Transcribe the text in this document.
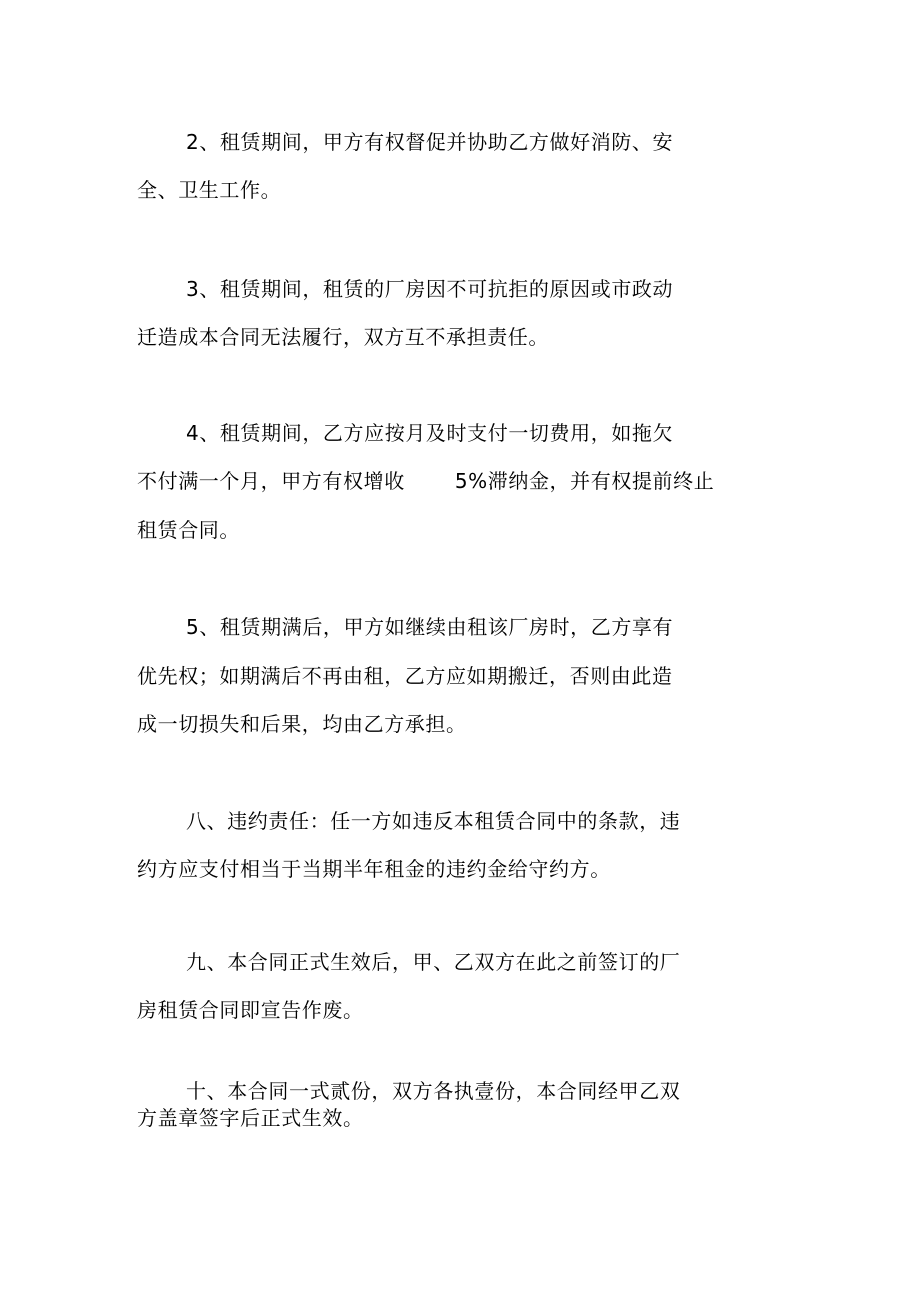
2、租赁期间，甲方有权督促并协助乙方做好消防、安
全、卫生工作。
3、租赁期间，租赁的厂房因不可抗拒的原因或市政动
迁造成本合同无法履行，双方互不承担责任。
4、租赁期间，乙方应按月及时支付一切费用，如拖欠
不付满一个月，甲方有权增收	5%滞纳金，并有权提前终止
租赁合同。
5、租赁期满后，甲方如继续由租该厂房时，乙方享有
优先权；如期满后不再由租，乙方应如期搬迁，否则由此造
成一切损失和后果，均由乙方承担。
八、违约责任：任一方如违反本租赁合同中的条款，违
约方应支付相当于当期半年租金的违约金给守约方。
九、本合同正式生效后，甲、乙双方在此之前签订的厂
房租赁合同即宣告作废。
十、本合同一式贰份，双方各执壹份，本合同经甲乙双
方盖章签字后正式生效。
